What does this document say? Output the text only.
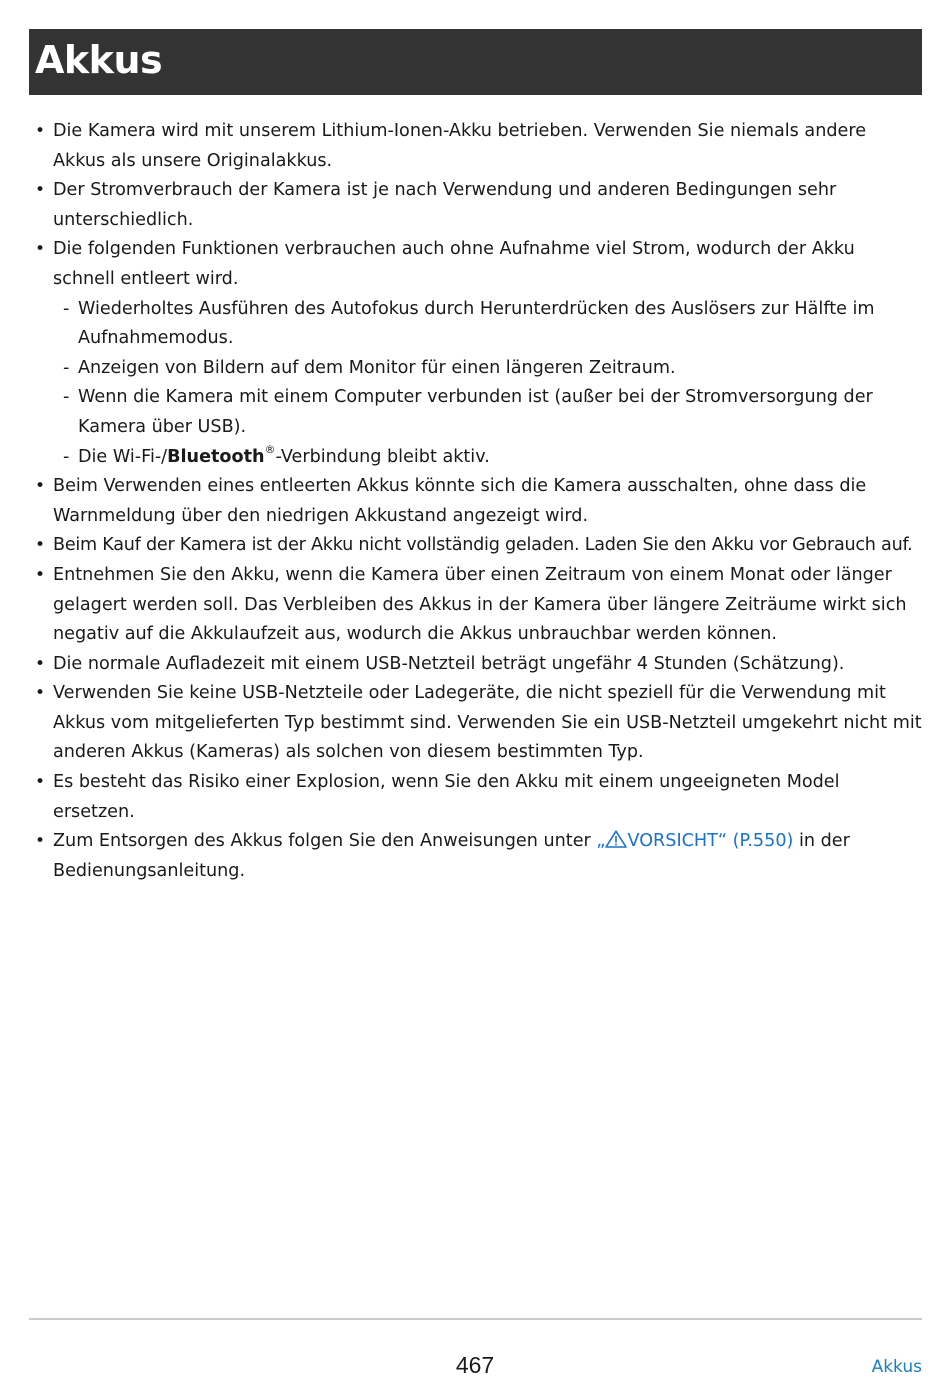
Akkus
• Die Kamera wird mit unserem Lithium-Ionen-Akku betrieben. Verwenden Sie niemals andere Akkus als unsere Originalakkus.
• Der Stromverbrauch der Kamera ist je nach Verwendung und anderen Bedingungen sehr unterschiedlich.
• Die folgenden Funktionen verbrauchen auch ohne Aufnahme viel Strom, wodurch der Akku schnell entleert wird.
- Wiederholtes Ausführen des Autofokus durch Herunterdrücken des Auslösers zur Hälfte im Aufnahmemodus.
- Anzeigen von Bildern auf dem Monitor für einen längeren Zeitraum.
- Wenn die Kamera mit einem Computer verbunden ist (außer bei der Stromversorgung der Kamera über USB).
- Die Wi-Fi-/Bluetooth®-Verbindung bleibt aktiv.
• Beim Verwenden eines entleerten Akkus könnte sich die Kamera ausschalten, ohne dass die Warnmeldung über den niedrigen Akkustand angezeigt wird.
• Beim Kauf der Kamera ist der Akku nicht vollständig geladen. Laden Sie den Akku vor Gebrauch auf.
• Entnehmen Sie den Akku, wenn die Kamera über einen Zeitraum von einem Monat oder länger gelagert werden soll. Das Verbleiben des Akkus in der Kamera über längere Zeiträume wirkt sich negativ auf die Akkulaufzeit aus, wodurch die Akkus unbrauchbar werden können.
• Die normale Aufladezeit mit einem USB-Netzteil beträgt ungefähr 4 Stunden (Schätzung).
• Verwenden Sie keine USB-Netzteile oder Ladegeräte, die nicht speziell für die Verwendung mit Akkus vom mitgelieferten Typ bestimmt sind. Verwenden Sie ein USB-Netzteil umgekehrt nicht mit anderen Akkus (Kameras) als solchen von diesem bestimmten Typ.
• Es besteht das Risiko einer Explosion, wenn Sie den Akku mit einem ungeeigneten Model ersetzen.
• Zum Entsorgen des Akkus folgen Sie den Anweisungen unter „ VORSICHT“ (P.550) in der Bedienungsanleitung.
467	Akkus
